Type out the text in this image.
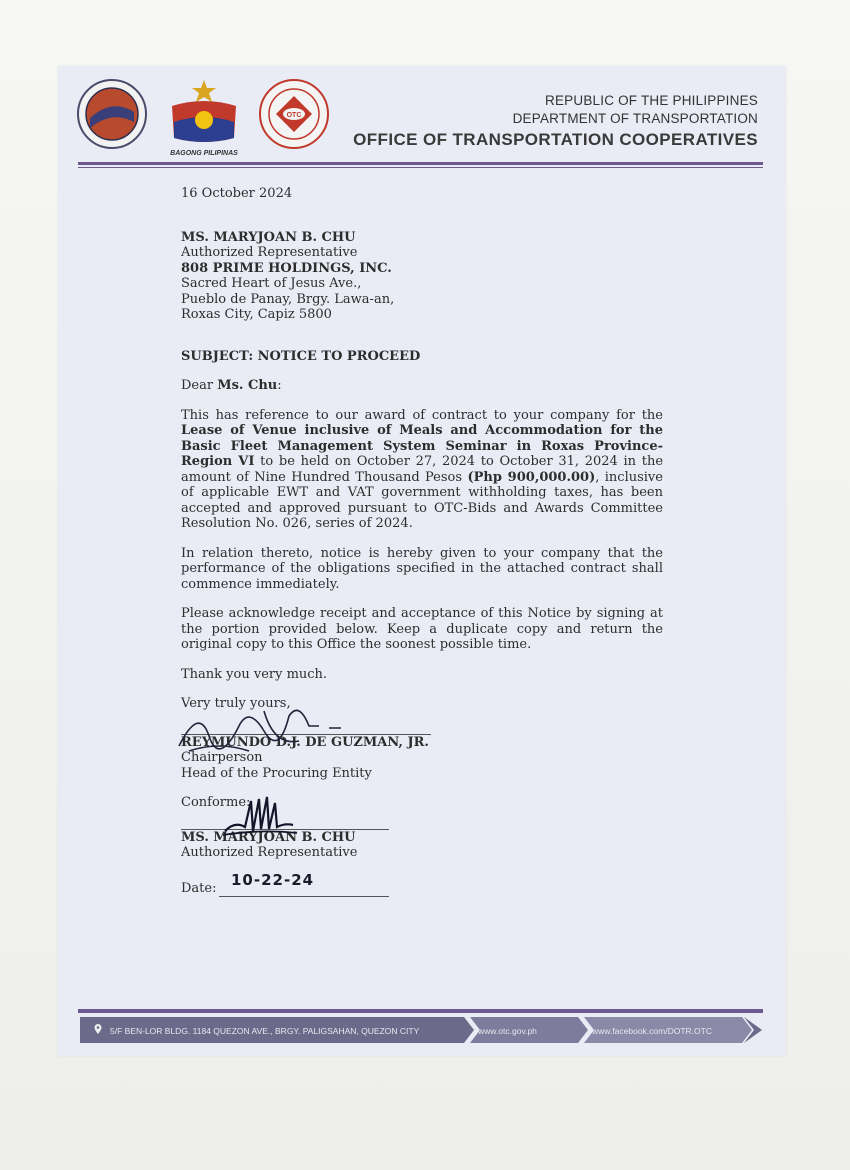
BAGONG PILIPINAS
OTC
REPUBLIC OF THE PHILIPPINES
DEPARTMENT OF TRANSPORTATION
OFFICE OF TRANSPORTATION COOPERATIVES

16 October 2024

MS. MARYJOAN B. CHU

Authorized Representative

808 PRIME HOLDINGS, INC.

Sacred Heart of Jesus Ave.,

Pueblo de Panay, Brgy. Lawa-an,

Roxas City, Capiz 5800

SUBJECT: NOTICE TO PROCEED

Dear Ms. Chu:

This has reference to our award of contract to your company for the Lease of Venue inclusive of Meals and Accommodation for the Basic Fleet Management System Seminar in Roxas Province-Region VI to be held on October 27, 2024 to October 31, 2024 in the amount of Nine Hundred Thousand Pesos (Php 900,000.00), inclusive of applicable EWT and VAT government withholding taxes, has been accepted and approved pursuant to OTC-Bids and Awards Committee Resolution No. 026, series of 2024.

In relation thereto, notice is hereby given to your company that the performance of the obligations specified in the attached contract shall commence immediately.

Please acknowledge receipt and acceptance of this Notice by signing at the portion provided below. Keep a duplicate copy and return the original copy to this Office the soonest possible time.

Thank you very much.

Very truly yours,

REYMUNDO D.J. DE GUZMAN, JR.

Chairperson

Head of the Procuring Entity

Conforme:

MS. MARYJOAN B. CHU

Authorized Representative

Date: 10-22-24
5/F BEN-LOR BLDG. 1184 QUEZON AVE., BRGY. PALIGSAHAN, QUEZON CITY	www.otc.gov.ph	www.facebook.com/DOTR.OTC
